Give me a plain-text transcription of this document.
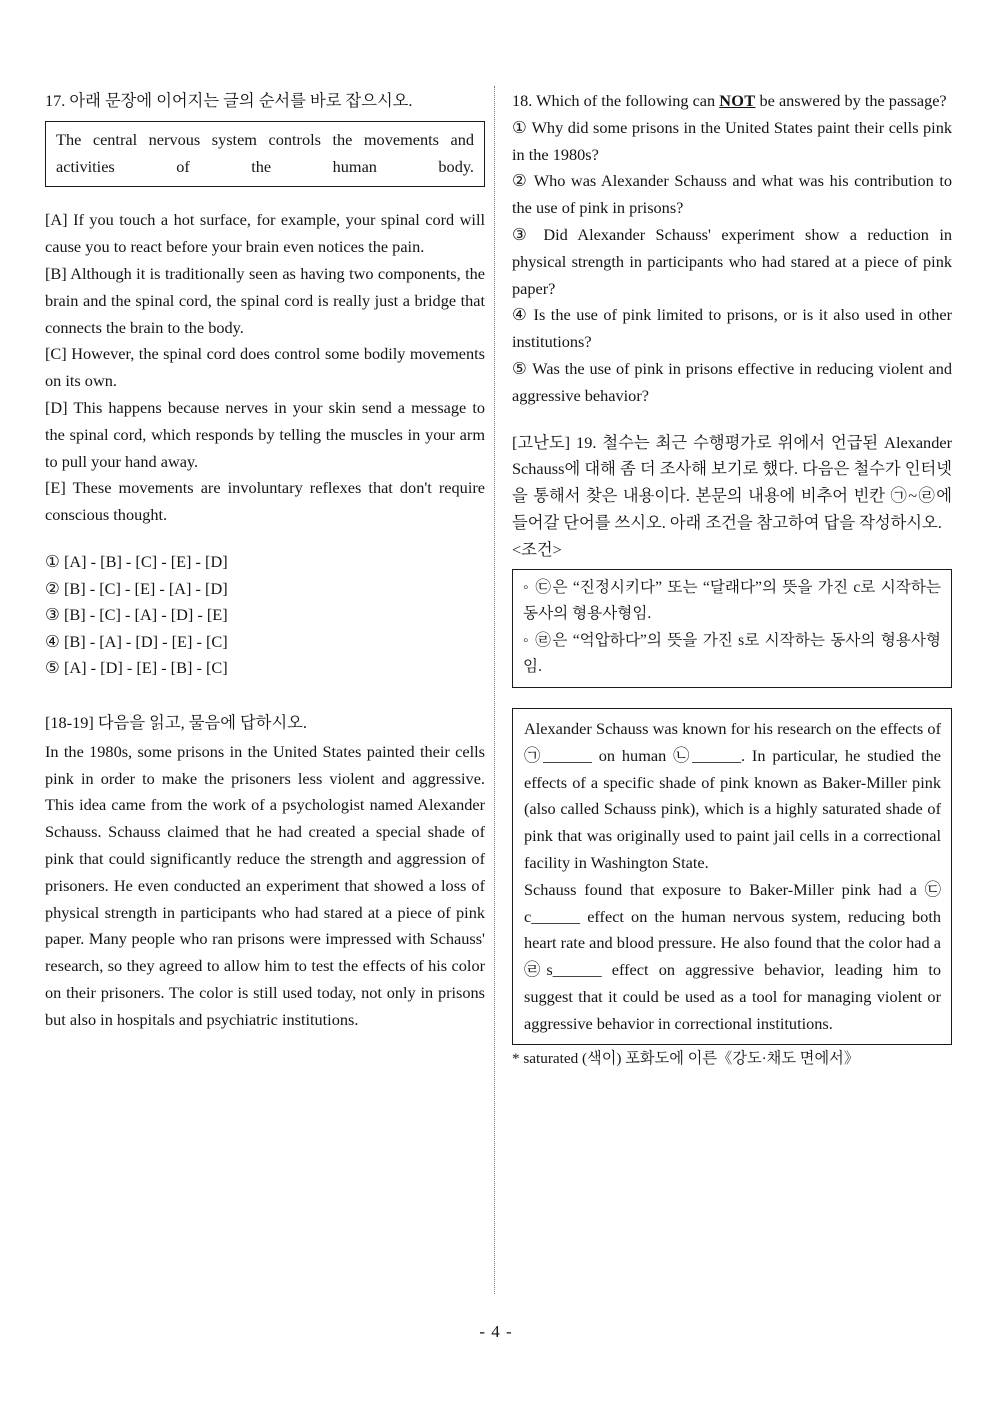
17. 아래 문장에 이어지는 글의 순서를 바로 잡으시오.

The central nervous system controls the movements and activities of the human body.

[A] If you touch a hot surface, for example, your spinal cord will cause you to react before your brain even notices the pain.

[B] Although it is traditionally seen as having two components, the brain and the spinal cord, the spinal cord is really just a bridge that connects the brain to the body.

[C] However, the spinal cord does control some bodily movements on its own.

[D] This happens because nerves in your skin send a message to the spinal cord, which responds by telling the muscles in your arm to pull your hand away.

[E] These movements are involuntary reflexes that don't require conscious thought.

① [A] - [B] - [C] - [E] - [D]
② [B] - [C] - [E] - [A] - [D]
③ [B] - [C] - [A] - [D] - [E]
④ [B] - [A] - [D] - [E] - [C]
⑤ [A] - [D] - [E] - [B] - [C]
[18-19] 다음을 읽고, 물음에 답하시오.

In the 1980s, some prisons in the United States painted their cells pink in order to make the prisoners less violent and aggressive. This idea came from the work of a psychologist named Alexander Schauss. Schauss claimed that he had created a special shade of pink that could significantly reduce the strength and aggression of prisoners. He even conducted an experiment that showed a loss of physical strength in participants who had stared at a piece of pink paper. Many people who ran prisons were impressed with Schauss' research, so they agreed to allow him to test the effects of his color on their prisoners. The color is still used today, not only in prisons but also in hospitals and psychiatric institutions.

18. Which of the following can NOT be answered by the passage?

① Why did some prisons in the United States paint their cells pink in the 1980s?
② Who was Alexander Schauss and what was his contribution to the use of pink in prisons?
③ Did Alexander Schauss' experiment show a reduction in physical strength in participants who had stared at a piece of pink paper?
④ Is the use of pink limited to prisons, or is it also used in other institutions?
⑤ Was the use of pink in prisons effective in reducing violent and aggressive behavior?

[고난도] 19. 철수는 최근 수행평가로 위에서 언급된 Alexander Schauss에 대해 좀 더 조사해 보기로 했다. 다음은 철수가 인터넷을 통해서 찾은 내용이다. 본문의 내용에 비추어 빈칸 ㉠~㉣에 들어갈 단어를 쓰시오. 아래 조건을 참고하여 답을 작성하시오.

<조건>

◦ ㉢은 “진정시키다” 또는 “달래다”의 뜻을 가진 c로 시작하는 동사의 형용사형임.

◦ ㉣은 “억압하다”의 뜻을 가진 s로 시작하는 동사의 형용사형임.

Alexander Schauss was known for his research on the effects of ㉠______ on human ㉡______. In particular, he studied the effects of a specific shade of pink known as Baker-Miller pink (also called Schauss pink), which is a highly saturated shade of pink that was originally used to paint jail cells in a correctional facility in Washington State.

Schauss found that exposure to Baker-Miller pink had a ㉢c______ effect on the human nervous system, reducing both heart rate and blood pressure. He also found that the color had a ㉣s______ effect on aggressive behavior, leading him to suggest that it could be used as a tool for managing violent or aggressive behavior in correctional institutions.

* saturated (색이) 포화도에 이른《강도·채도 면에서》

- 4 -
